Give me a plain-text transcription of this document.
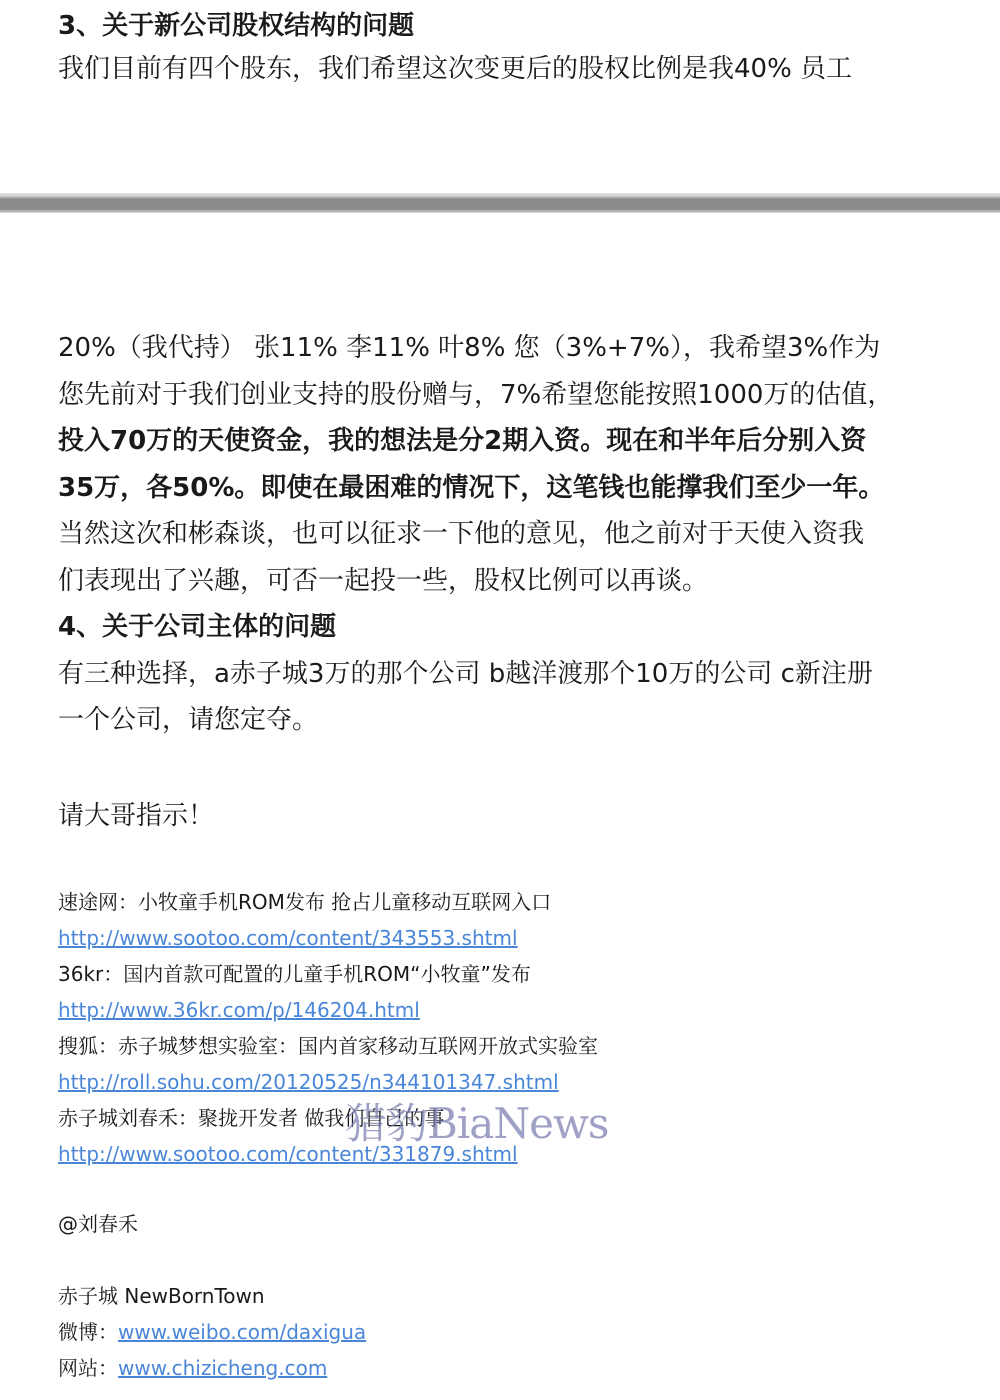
3、关于新公司股权结构的问题

我们目前有四个股东，我们希望这次变更后的股权比例是我40% 员工

20%（我代持） 张11% 李11% 叶8% 您（3%+7%），我希望3%作为
您先前对于我们创业支持的股份赠与，7%希望您能按照1000万的估值，
投入70万的天使资金，我的想法是分2期入资。现在和半年后分别入资
35万，各50%。即使在最困难的情况下，这笔钱也能撑我们至少一年。
当然这次和彬森谈，也可以征求一下他的意见，他之前对于天使入资我
们表现出了兴趣，可否一起投一些，股权比例可以再谈。

4、关于公司主体的问题

有三种选择，a赤子城3万的那个公司 b越洋渡那个10万的公司 c新注册
一个公司，请您定夺。

请大哥指示！

速途网：小牧童手机ROM发布 抢占儿童移动互联网入口

http://www.sootoo.com/content/343553.shtml

36kr：国内首款可配置的儿童手机ROM“小牧童”发布

http://www.36kr.com/p/146204.html

搜狐：赤子城梦想实验室：国内首家移动互联网开放式实验室

http://roll.sohu.com/20120525/n344101347.shtml

赤子城刘春禾：聚拢开发者 做我们自己的事

http://www.sootoo.com/content/331879.shtml

@刘春禾

赤子城 NewBornTown

微博：www.weibo.com/daxigua

网站：www.chizicheng.com

猎豹BiaNews
